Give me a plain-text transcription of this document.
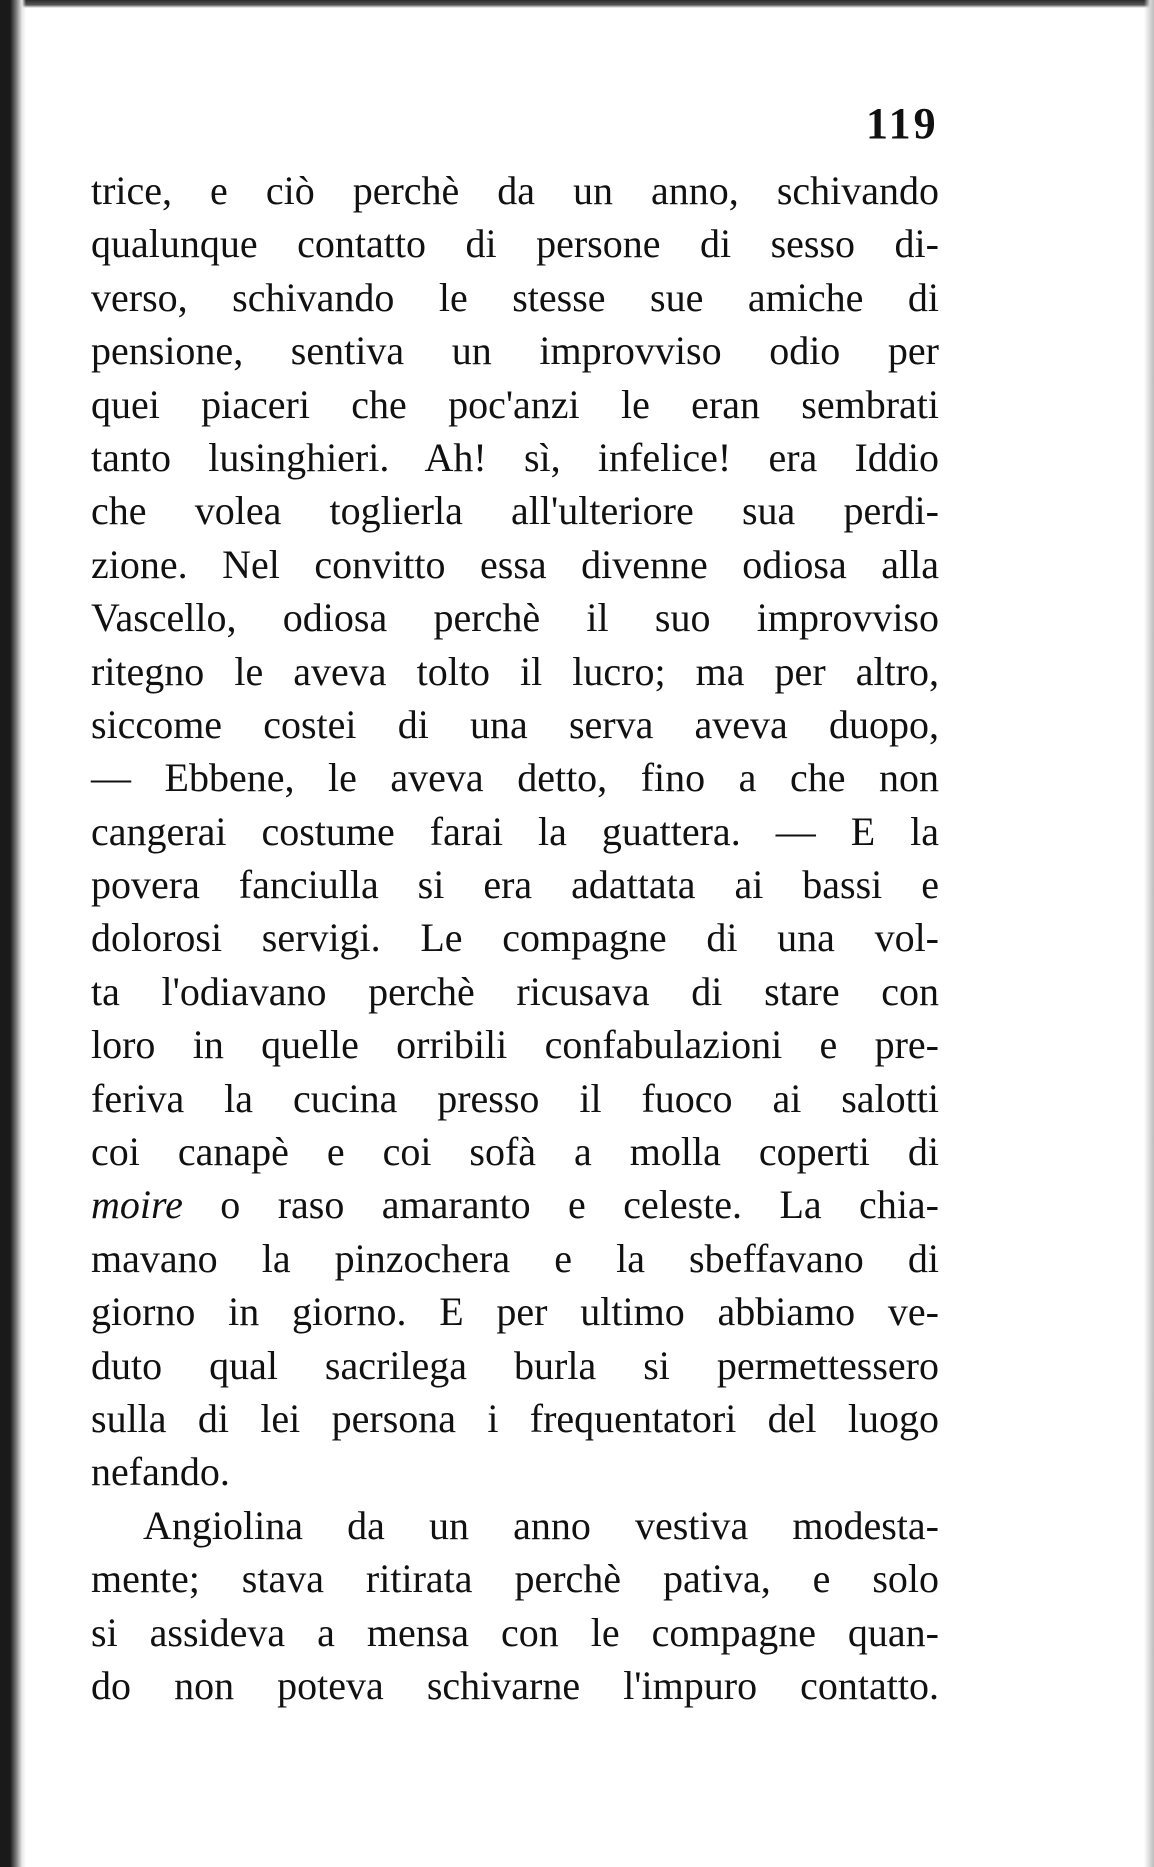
119
trice, e ciò perchè da un anno, schivando
qualunque contatto di persone di sesso di-
verso, schivando le stesse sue amiche di
pensione, sentiva un improvviso odio per
quei piaceri che poc'anzi le eran sembrati
tanto lusinghieri. Ah! sì, infelice! era Iddio
che volea toglierla all'ulteriore sua perdi-
zione. Nel convitto essa divenne odiosa alla
Vascello, odiosa perchè il suo improvviso
ritegno le aveva tolto il lucro; ma per altro,
siccome costei di una serva aveva duopo,
— Ebbene, le aveva detto, fino a che non
cangerai costume farai la guattera. — E la
povera fanciulla si era adattata ai bassi e
dolorosi servigi. Le compagne di una vol-
ta l'odiavano perchè ricusava di stare con
loro in quelle orribili confabulazioni e pre-
feriva la cucina presso il fuoco ai salotti
coi canapè e coi sofà a molla coperti di
moire o raso amaranto e celeste. La chia-
mavano la pinzochera e la sbeffavano di
giorno in giorno. E per ultimo abbiamo ve-
duto qual sacrilega burla si permettessero
sulla di lei persona i frequentatori del luogo
nefando.
Angiolina da un anno vestiva modesta-
mente; stava ritirata perchè pativa, e solo
si assideva a mensa con le compagne quan-
do non poteva schivarne l'impuro contatto.
